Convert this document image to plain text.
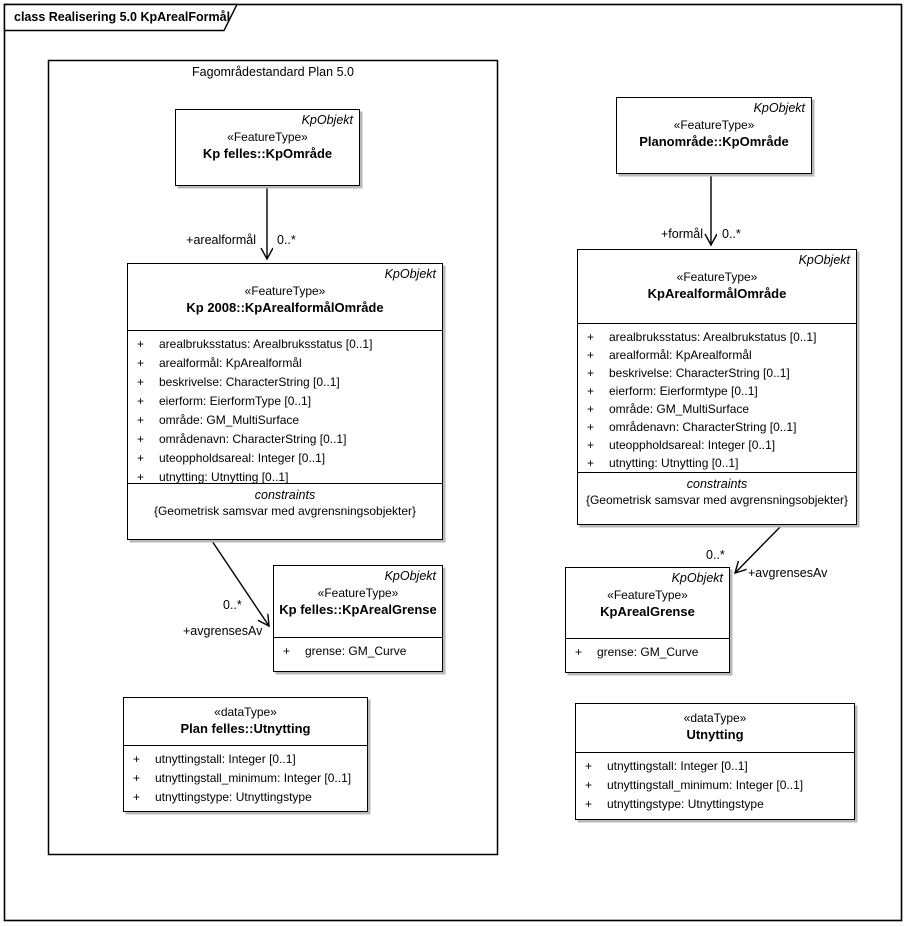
class Realisering 5.0 KpArealFormål
Fagområdestandard Plan 5.0
KpObjekt
«FeatureType»
Kp felles::KpOmråde
+arealformål 0..*
KpObjekt
«FeatureType»
Kp 2008::KpArealformålOmråde
+	arealbruksstatus: Arealbruksstatus [0..1]
+	arealformål: KpArealformål
+	beskrivelse: CharacterString [0..1]
+	eierform: EierformType [0..1]
+	område: GM_MultiSurface
+	områdenavn: CharacterString [0..1]
+	uteoppholdsareal: Integer [0..1]
+	utnytting: Utnytting [0..1]
constraints
{Geometrisk samsvar med avgrensningsobjekter}
0..*
+avgrensesAv
KpObjekt
«FeatureType»
Kp felles::KpArealGrense
+	grense: GM_Curve
«dataType»
Plan felles::Utnytting
+	utnyttingstall: Integer [0..1]
+	utnyttingstall_minimum: Integer [0..1]
+	utnyttingstype: Utnyttingstype
KpObjekt
«FeatureType»
Planområde::KpOmråde
+formål 0..*
KpObjekt
«FeatureType»
KpArealformålOmråde
+	arealbruksstatus: Arealbrukstatus [0..1]
+	arealformål: KpArealformål
+	beskrivelse: CharacterString [0..1]
+	eierform: Eierformtype [0..1]
+	område: GM_MultiSurface
+	områdenavn: CharacterString [0..1]
+	uteoppholdsareal: Integer [0..1]
+	utnytting: Utnytting [0..1]
constraints
{Geometrisk samsvar med avgrensningsobjekter}
0..*
+avgrensesAv
KpObjekt
«FeatureType»
KpArealGrense
+	grense: GM_Curve
«dataType»
Utnytting
+	utnyttingstall: Integer [0..1]
+	utnyttingstall_minimum: Integer [0..1]
+	utnyttingstype: Utnyttingstype
